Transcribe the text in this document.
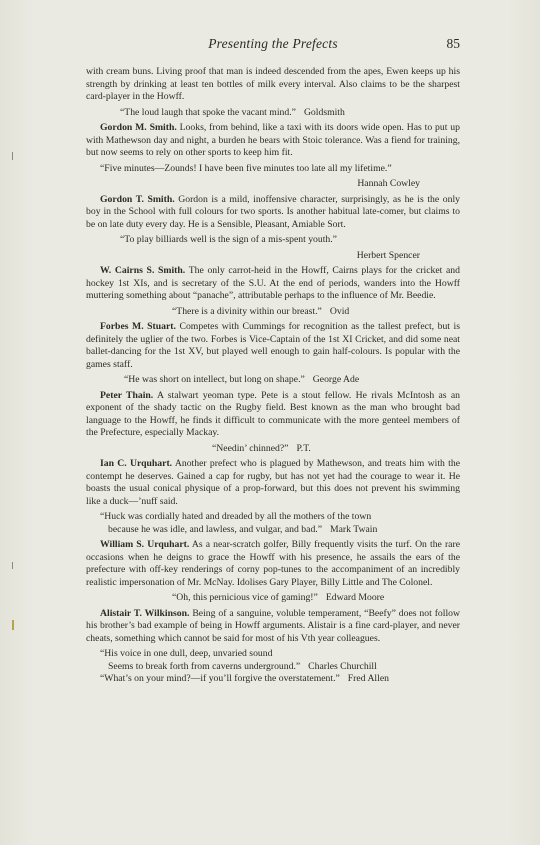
Presenting the Prefects	85

with cream buns. Living proof that man is indeed descended from the apes, Ewen keeps up his strength by drinking at least ten bottles of milk every interval. Also claims to be the sharpest card-player in the Howff.

“The loud laugh that spoke the vacant mind.” Goldsmith

Gordon M. Smith. Looks, from behind, like a taxi with its doors wide open. Has to put up with Mathewson day and night, a burden he bears with Stoic tolerance. Was a fiend for training, but now seems to rely on other sports to keep him fit.

“Five minutes—Zounds! I have been five minutes too late all my lifetime.”

Hannah Cowley

Gordon T. Smith. Gordon is a mild, inoffensive character, surprisingly, as he is the only boy in the School with full colours for two sports. Is another habitual late-comer, but claims to be on late duty every day. He is a Sensible, Pleasant, Amiable Sort.

“To play billiards well is the sign of a mis-spent youth.”

Herbert Spencer

W. Cairns S. Smith. The only carrot-heid in the Howff, Cairns plays for the cricket and hockey 1st XIs, and is secretary of the S.U. At the end of periods, wanders into the Howff muttering something about “panache”, attributable perhaps to the influence of Mr. Beedie.

“There is a divinity within our breast.” Ovid

Forbes M. Stuart. Competes with Cummings for recognition as the tallest prefect, but is definitely the uglier of the two. Forbes is Vice-Captain of the 1st XI Cricket, and did some neat ballet-dancing for the 1st XV, but played well enough to gain half-colours. Is popular with the games staff.

“He was short on intellect, but long on shape.” George Ade

Peter Thain. A stalwart yeoman type. Pete is a stout fellow. He rivals McIntosh as an exponent of the shady tactic on the Rugby field. Best known as the man who brought bad language to the Howff, he finds it difficult to communicate with the more genteel members of the Prefecture, especially Mackay.

“Needin’ chinned?” P.T.

Ian C. Urquhart. Another prefect who is plagued by Mathewson, and treats him with the contempt he deserves. Gained a cap for rugby, but has not yet had the courage to wear it. He boasts the usual conical physique of a prop-forward, but this does not prevent his swimming like a duck—’nuff said.

“Huck was cordially hated and dreaded by all the mothers of the town
because he was idle, and lawless, and vulgar, and bad.” Mark Twain

William S. Urquhart. As a near-scratch golfer, Billy frequently visits the turf. On the rare occasions when he deigns to grace the Howff with his presence, he assails the ears of the prefecture with off-key renderings of corny pop-tunes to the accompaniment of an incredibly realistic impersonation of Mr. McNay. Idolises Gary Player, Billy Little and The Colonel.

“Oh, this pernicious vice of gaming!” Edward Moore

Alistair T. Wilkinson. Being of a sanguine, voluble temperament, “Beefy” does not follow his brother’s bad example of being in Howff arguments. Alistair is a fine card-player, and never cheats, something which cannot be said for most of his Vth year colleagues.

“His voice in one dull, deep, unvaried sound
Seems to break forth from caverns underground.” Charles Churchill
“What’s on your mind?—if you’ll forgive the overstatement.” Fred Allen
